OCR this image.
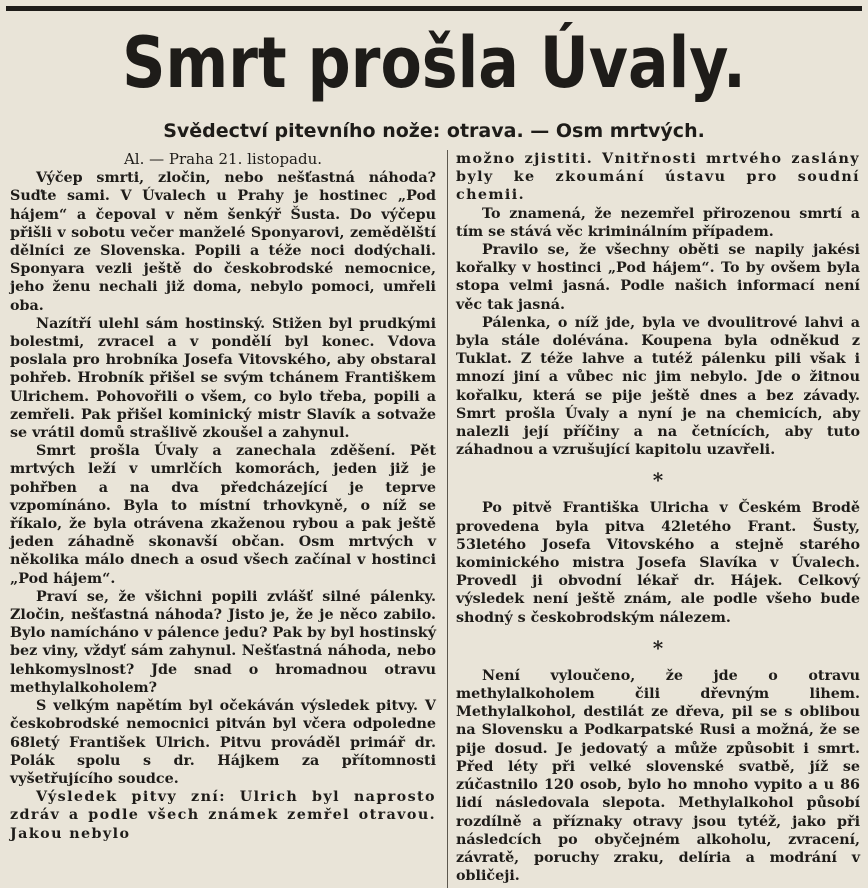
Smrt prošla Úvaly.
Svědectví pitevního nože: otrava. — Osm mrtvých.
Al. — Praha 21. listopadu.

Výčep smrti, zločin, nebo nešťastná náhoda? Suďte sami. V Úvalech u Prahy je hostinec „Pod hájem“ a čepoval v něm šenkýř Šusta. Do výčepu přišli v sobotu večer manželé Sponyarovi, zemědělští dělníci ze Slovenska. Popili a téže noci dodýchali. Sponyara vezli ještě do českobrodské nemocnice, jeho ženu nechali již doma, nebylo pomoci, umřeli oba.

Nazítří ulehl sám hostinský. Stižen byl prudkými bolestmi, zvracel a v pondělí byl konec. Vdova poslala pro hrobníka Josefa Vitovského, aby obstaral pohřeb. Hrobník přišel se svým tchánem Františkem Ulrichem. Pohovořili o všem, co bylo třeba, popili a zemřeli. Pak přišel kominický mistr Slavík a sotvaže se vrátil domů strašlivě zkoušel a zahynul.

Smrt prošla Úvaly a zanechala zděšení. Pět mrtvých leží v umrlčích komorách, jeden již je pohřben a na dva předcházející je teprve vzpomínáno. Byla to místní trhovkyně, o níž se říkalo, že byla otrávena zkaženou rybou a pak ještě jeden záhadně skonavší občan. Osm mrtvých v několika málo dnech a osud všech začínal v hostinci „Pod hájem“.

Praví se, že všichni popili zvlášť silné pálenky. Zločin, nešťastná náhoda? Jisto je, že je něco zabilo. Bylo namícháno v pálence jedu? Pak by byl hostinský bez viny, vždyť sám zahynul. Nešťastná náhoda, nebo lehkomyslnost? Jde snad o hromadnou otravu methylalkoholem?

S velkým napětím byl očekáván výsledek pitvy. V českobrodské nemocnici pitván byl včera odpoledne 68letý František Ulrich. Pitvu prováděl primář dr. Polák spolu s dr. Hájkem za přítomnosti vyšetřujícího soudce.

Výsledek pitvy zní: Ulrich byl naprosto zdráv a podle všech známek zemřel otravou. Jakou nebylo

možno zjistiti. Vnitřnosti mrtvého zaslány byly ke zkoumání ústavu pro soudní chemii.

To znamená, že nezemřel přirozenou smrtí a tím se stává věc kriminálním případem.

Pravilo se, že všechny oběti se napily jakési kořalky v hostinci „Pod hájem“. To by ovšem byla stopa velmi jasná. Podle našich informací není věc tak jasná.

Pálenka, o níž jde, byla ve dvoulitrové lahvi a byla stále dolévána. Koupena byla odněkud z Tuklat. Z téže lahve a tutéž pálenku pili však i mnozí jiní a vůbec nic jim nebylo. Jde o žitnou kořalku, která se pije ještě dnes a bez závady. Smrt prošla Úvaly a nyní je na chemicích, aby nalezli její příčiny a na četnících, aby tuto záhadnou a vzrušující kapitolu uzavřeli.

*

Po pitvě Františka Ulricha v Českém Brodě provedena byla pitva 42letého Frant. Šusty, 53letého Josefa Vitovského a stejně starého kominického mistra Josefa Slavíka v Úvalech. Provedl ji obvodní lékař dr. Hájek. Celkový výsledek není ještě znám, ale podle všeho bude shodný s českobrodským nálezem.

*

Není vyloučeno, že jde o otravu methylalkoholem čili dřevným lihem. Methylalkohol, destilát ze dřeva, pil se s oblibou na Slovensku a Podkarpatské Rusi a možná, že se pije dosud. Je jedovatý a může způsobit i smrt. Před léty při velké slovenské svatbě, jíž se zúčastnilo 120 osob, bylo ho mnoho vypito a u 86 lidí následovala slepota. Methylalkohol působí rozdílně a příznaky otravy jsou tytéž, jako při následcích po obyčejném alkoholu, zvracení, závratě, poruchy zraku, delíria a modrání v obličeji.
